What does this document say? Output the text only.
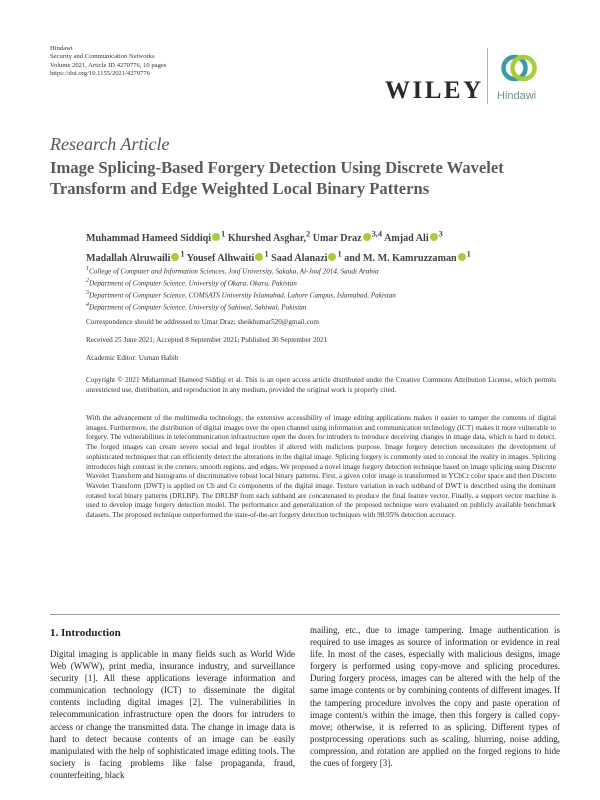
Hindawi
Security and Communication Networks
Volume 2021, Article ID 4270776, 10 pages
https://doi.org/10.1155/2021/4270776
WILEY Hindawi
Research Article
Image Splicing-Based Forgery Detection Using Discrete Wavelet Transform and Edge Weighted Local Binary Patterns
Muhammad Hameed Siddiqi $^1$ Khurshed Asghar,$^2$ Umar Draz $^{3,4}$ Amjad Ali $^3$
Madallah Alruwaili $^1$ Yousef Alhwaiti $^1$ Saad Alanazi $^1$ and M. M. Kamruzzaman $^1$
$^1$College of Computer and Information Sciences, Jouf University, Sakaka, Al-Jouf 2014, Saudi Arabia
$^2$Department of Computer Science, University of Okara, Okara, Pakistan
$^3$Department of Computer Science, COMSATS University Islamabad, Lahore Campus, Islamabad, Pakistan
$^4$Department of Computer Science, University of Sahiwal, Sahiwal, Pakistan
Correspondence should be addressed to Umar Draz; sheikhumar520@gmail.com
Received 25 June 2021; Accepted 8 September 2021; Published 30 September 2021
Academic Editor: Usman Habib
Copyright © 2021 Muhammad Hameed Siddiqi et al. This is an open access article distributed under the Creative Commons Attribution License, which permits unrestricted use, distribution, and reproduction in any medium, provided the original work is properly cited.
With the advancement of the multimedia technology, the extensive accessibility of image editing applications makes it easier to tamper the contents of digital images. Furthermore, the distribution of digital images over the open channel using information and communication technology (ICT) makes it more vulnerable to forgery. The vulnerabilities in telecommunication infrastructure open the doors for intruders to introduce deceiving changes in image data, which is hard to detect. The forged images can create severe social and legal troubles if altered with malicious purpose. Image forgery detection necessitates the development of sophisticated techniques that can efficiently detect the alterations in the digital image. Splicing forgery is commonly used to conceal the reality in images. Splicing introduces high contrast in the corners, smooth regions, and edges. We proposed a novel image forgery detection technique based on image splicing using Discrete Wavelet Transform and histograms of discriminative robust local binary patterns. First, a given color image is transformed in YCbCr color space and then Discrete Wavelet Transform (DWT) is applied on Cb and Cr components of the digital image. Texture variation in each subband of DWT is described using the dominant rotated local binary patterns (DRLBP). The DRLBP from each subband are concatenated to produce the final feature vector. Finally, a support vector machine is used to develop image forgery detection model. The performance and generalization of the proposed technique were evaluated on publicly available benchmark datasets. The proposed technique outperformed the state-of-the-art forgery detection techniques with 98.95% detection accuracy.
1. Introduction
Digital imaging is applicable in many fields such as World Wide Web (WWW), print media, insurance industry, and surveillance security [1]. All these applications leverage information and communication technology (ICT) to disseminate the digital contents including digital images [2]. The vulnerabilities in telecommunication infrastructure open the doors for intruders to access or change the transmitted data. The change in image data is hard to detect because contents of an image can be easily manipulated with the help of sophisticated image editing tools. The society is facing problems like false propaganda, fraud, counterfeiting, black
mailing, etc., due to image tampering. Image authentication is required to use images as source of information or evidence in real life. In most of the cases, especially with malicious designs, image forgery is performed using copy-move and splicing procedures. During forgery process, images can be altered with the help of the same image contents or by combining contents of different images. If the tampering procedure involves the copy and paste operation of image content/s within the image, then this forgery is called copy-move; otherwise, it is referred to as splicing. Different types of postprocessing operations such as scaling, blurring, noise adding, compression, and rotation are applied on the forged regions to hide the cues of forgery [3].
